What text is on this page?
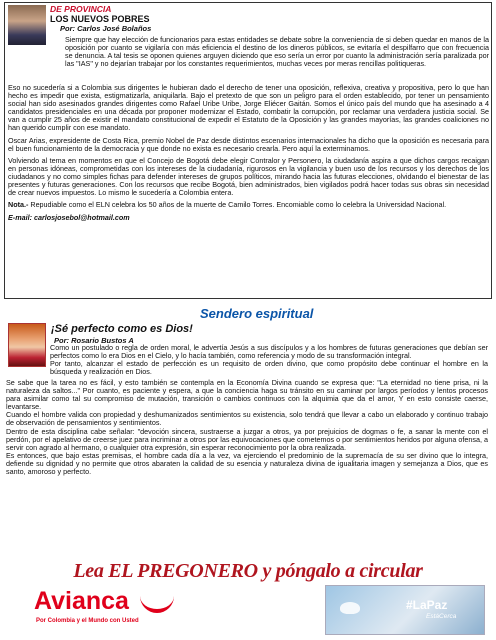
DE PROVINCIA
LOS NUEVOS POBRES
Por: Carlos José Bolaños

Siempre que hay elección de funcionarios para estas entidades se debate sobre la conveniencia de si deben quedar en manos de la oposición por cuanto se vigilaría con más eficiencia el destino de los dineros públicos, se evitaría el despilfarro que con frecuencia se denuncia. A tal tesis se oponen quienes arguyen diciendo que eso sería un error por cuanto la administración sería paralizada por las "IAS" y no dejarían trabajar por los constantes requerimientos, muchas veces por meras rencillas politiqueras.

Eso no sucedería si a Colombia sus dirigentes le hubieran dado el derecho de tener una oposición, reflexiva, creativa y propositiva, pero lo que han hecho es impedir que exista, estigmatizarla, aniquilarla. Bajo el pretexto de que son un peligro para el orden establecido, por tener un pensamiento social han sido asesinados grandes dirigentes como Rafael Uribe Uribe, Jorge Eliécer Gaitán. Somos el único país del mundo que ha asesinado a 4 candidatos presidenciales en una década por proponer modernizar el Estado, combatir la corrupción, por reclamar una verdadera justicia social. Se van a cumplir 25 años de existir el mandato constitucional de expedir el Estatuto de la Oposición y las grandes mayorías, las grandes coaliciones no han querido cumplir con ese mandato.

Oscar Arias, expresidente de Costa Rica, premio Nobel de Paz desde distintos escenarios internacionales ha dicho que la oposición es necesaria para el buen funcionamiento de la democracia y que donde no exista es necesario crearla. Pero aquí la exterminamos.

Volviendo al tema en momentos en que el Concejo de Bogotá debe elegir Contralor y Personero, la ciudadanía aspira a que dichos cargos recaigan en personas idóneas, comprometidas con los intereses de la ciudadanía, rigurosos en la vigilancia y buen uso de los recursos y los derechos de los ciudadanos y no como simples fichas para defender intereses de grupos políticos, mirando hacia las futuras elecciones, olvidando el bienestar de las presentes y futuras generaciones. Con los recursos que recibe Bogotá, bien administrados, bien vigilados podrá hacer todas sus obras sin necesidad de crear nuevos impuestos. Lo mismo le sucedería a Colombia entera.

Nota.- Repudiable como el ELN celebra los 50 años de la muerte de Camilo Torres. Encomiable como lo celebra la Universidad Nacional.

E-mail: carlosjosebol@hotmail.com

Sendero espiritual
¡Sé perfecto como es Dios!
Por: Rosario Bustos A

Como un postulado o regla de orden moral, le advertía Jesús a sus discípulos y a los hombres de futuras generaciones que debían ser perfectos como lo era Dios en el Cielo, y lo hacía también, como referencia y modo de su transformación integral.

Por tanto, alcanzar el estado de perfección es un requisito de orden divino, que como propósito debe continuar el hombre en la búsqueda y realización en Dios.

Se sabe que la tarea no es fácil, y esto también se contempla en la Economía Divina cuando se expresa que: "La eternidad no tiene prisa, ni la naturaleza da saltos..." Por cuanto, es paciente y espera, a que la conciencia haga su tránsito en su caminar por largos períodos y lentos procesos para asimilar como tal su compromiso de mutación, transición o cambios continuos con la alquimia que da el amor, Y en esto consiste caerse, levantarse.

Cuando el hombre valida con propiedad y deshumanizados sentimientos su existencia, solo tendrá que llevar a cabo un elaborado y continuo trabajo de observación de pensamientos y sentimientos.

Dentro de esta disciplina cabe señalar: "devoción sincera, sustraerse a juzgar a otros, ya por prejuicios de dogmas o fe, a sanar la mente con el perdón, por el apelativo de creerse juez para incriminar a otros por las equivocaciones que cometemos o por sentimientos heridos por alguna ofensa, a servir con agrado al hermano, o cualquier otra expresión, sin esperar reconocimiento por la obra realizada.

Es entonces, que bajo estas premisas, el hombre cada día a la vez, va ejerciendo el predominio de la supremacía de su ser divino que lo integra, defiende su dignidad y no permite que otros abaraten la calidad de su esencia y naturaleza divina de igualitaria imagen y semejanza a Dios, que es santo, amoroso y perfecto.

Lea EL PREGONERO y póngalo a circular
Avianca
Por Colombia y el Mundo con Usted
#LaPaz
EstáCerca
